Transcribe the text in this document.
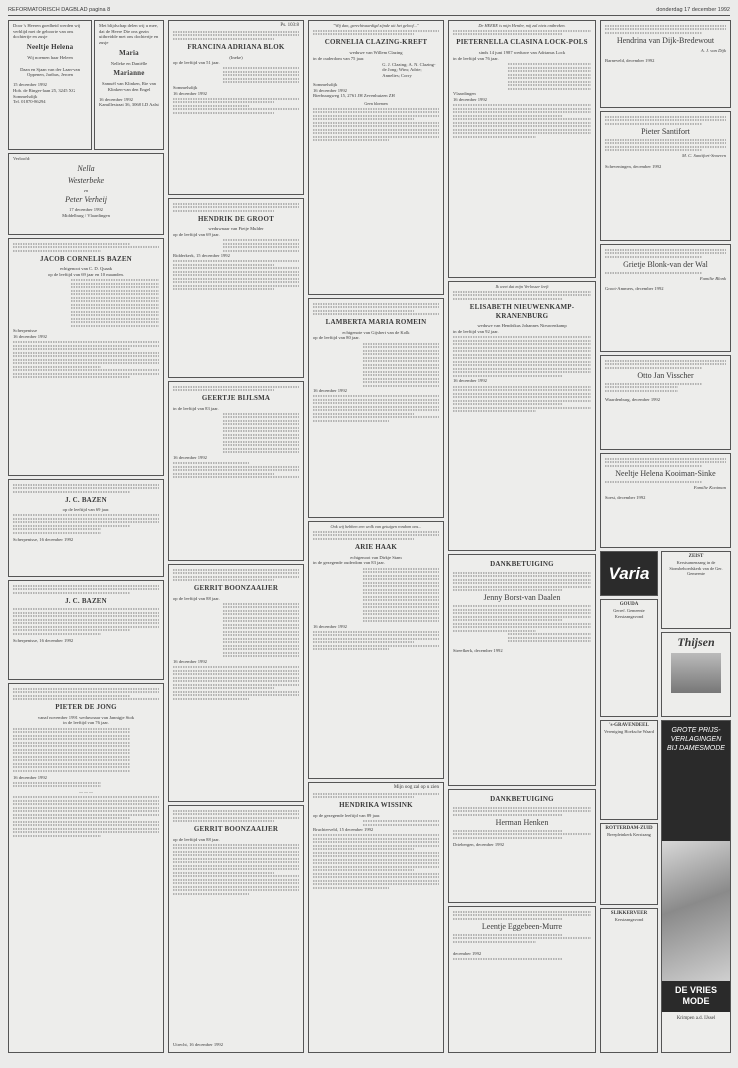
REFORMATORISCH DAGBLAD pagina 8	donderdag 17 december 1992
Door 's Heeren goedheid werden wij verblijd met de geboorte van ons dochtertje en zusje
Neeltje Helena
Wij noemen haar Heleen
Daan en Sjaan van der Laan-van Oppenen, Jaribas, Jeroen
15 december 1992
Hob. de Ringer-laan 25, 3245 XG Sommelsdijk
Tel. 01870-86294
Met blijdschap delen wij u mee, dat de Heere Die ons gezin uitbreidde met ons dochtertje en zusje
Maria
Nelleke en Daniëlle
Marianne
Samuël van Klinken, Rie van Klinken-van den Engel
16 december 1992
Kamillestraat 36, 3068 LD Aalst
Verloofd:
Nella
Westerbeke
en
Peter Verheij
17 december 1992
Middelburg / Vlaardingen
JACOB CORNELIS BAZEN
echtgenoot van C. D. Quaak
op de leeftijd van 69 jaar en 10 maanden.
Scherpenisse
16 december 1992
J. C. BAZEN
op de leeftijd van 69 jaar.
Scherpenisse, 16 december 1992
J. C. BAZEN
Scherpenisse, 16 december 1992
PIETER DE JONG
vanaf november 1991 weduwnaar van Jannigje Stok
in de leeftijd van 76 jaar.
16 december 1992
— — —
Ps. 103:8
FRANCINA ADRIANA BLOK
(Ineke)
op de leeftijd van 51 jaar.
Sommelsdijk
16 december 1992
HENDRIK DE GROOT
weduwnaar van Fietje Mulder
op de leeftijd van 69 jaar.
Ridderkerk, 15 december 1992
GEERTJE BIJLSMA
in de leeftijd van 83 jaar.
16 december 1992
GERRIT BOONZAAIJER
op de leeftijd van 88 jaar.
16 december 1992
GERRIT BOONZAAIJER
op de leeftijd van 88 jaar.
Utrecht, 16 december 1992
"Wij dan, gerechtvaardigd zijnde uit het geloof..."
CORNELIA CLAZING-KREFT
weduwe van Willem Clazing
in de ouderdom van 75 jaar.
G. J. Clazing; A. N. Clazing-de Jong; Wim; Adrie; Annelies; Corry
Sommelsdijk
16 december 1992
Bierbuurgweg 15, 2761 JH Zevenhuizen ZH
Geen bloemen
LAMBERTA MARIA ROMEIN
echtgenote van Gijsbert van de Kolk
op de leeftijd van 80 jaar.
16 december 1992
Ook wij hebben een wolk van getuigen rondom ons...
ARIE HAAK
echtgenoot van Dirkje Stam
in de gezegende ouderdom van 83 jaar.
16 december 1992
Mijn oog zal op u zien
HENDRIKA WISSINK
op de gezegende leeftijd van 89 jaar.
Bruchterveld, 15 december 1992
De HEERE is mijn Herder, mij zal niets ontbreken.
PIETERNELLA CLASINA LOCK-POLS
sinds 14 juni 1987 weduwe van Adrianus Lock
in de leeftijd van 76 jaar.
Vlaardingen
16 december 1992
Ik weet dat mijn Verlosser leeft
ELISABETH NIEUWENKAMP-KRANENBURG
weduwe van Hendrikus Johannes Nieuwenkamp
in de leeftijd van 92 jaar.
16 december 1992
DANKBETUIGING
Jenny Borst-van Daalen
Streefkerk, december 1992
DANKBETUIGING
Herman Henken
Driebergen, december 1992
Leentje Eggebeen-Murre
december 1992
Hendrina van Dijk-Bredewout
A. J. van Dijk
Barneveld, december 1992
Pieter Santifort
M. C. Santifort-Snoeren
Scheveningen, december 1992
Grietje Blonk-van der Wal
Familie Blonk
Groot-Ammers, december 1992
Otto Jan Visscher
Waardenburg, december 1992
Neeltje Helena Kooiman-Sinke
Familie Kooiman
Soest, december 1992
ZEIST
Kerstsamenzang in de Sionsbehoedskerk van de Ger. Gemeente
Varia
GOUDA
Gerref. Gemeente Kerstzangavond
Thijsen
's-GRAVENDEEL
Vereniging Hoeksche Waard
ROTTERDAM-ZUID
Breepleinkerk Kerstzang
SLIKKERVEER
Kerstzangavond
GROTE PRIJS-VERLAGINGEN BIJ DAMESMODE
DE VRIES MODE
Krimpen a.d. IJssel
